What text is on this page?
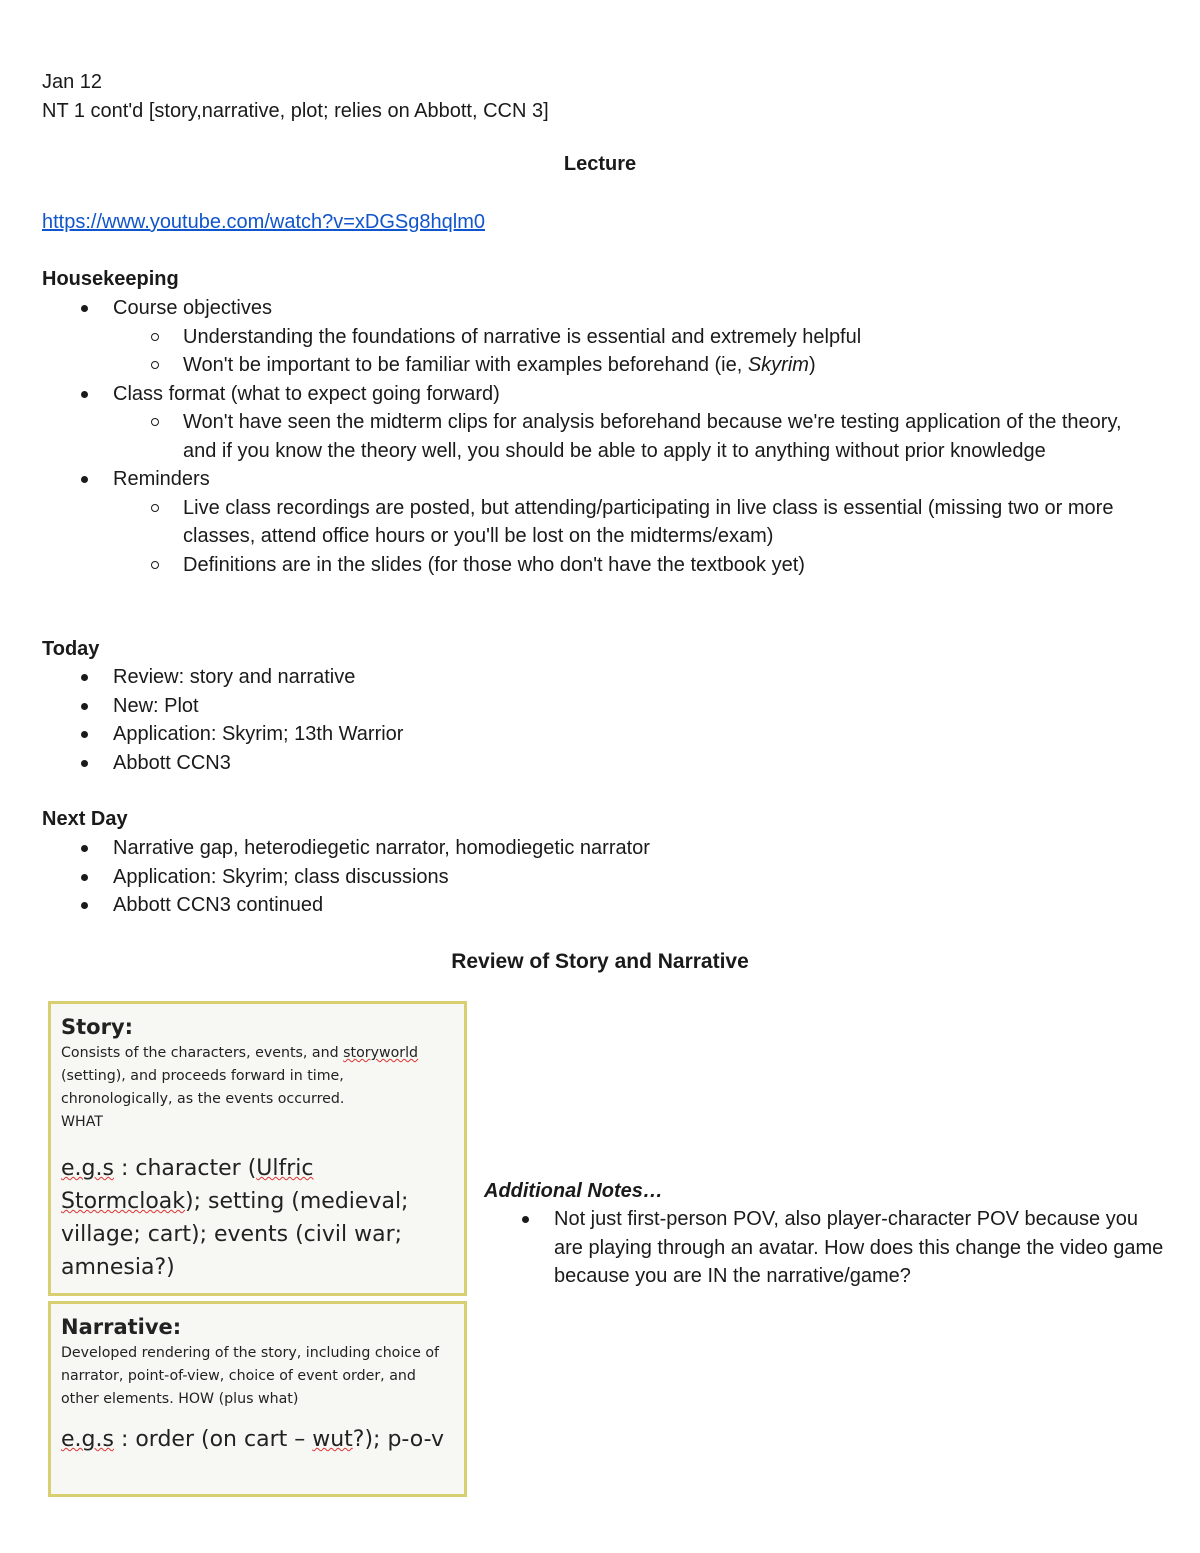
Jan 12

NT 1 cont'd [story,narrative, plot; relies on Abbott, CCN 3]

Lecture

https://www.youtube.com/watch?v=xDGSg8hqlm0

Housekeeping

Course objectives
Understanding the foundations of narrative is essential and extremely helpful
Won't be important to be familiar with examples beforehand (ie, Skyrim)
Class format (what to expect going forward)
Won't have seen the midterm clips for analysis beforehand because we're testing application of the theory, and if you know the theory well, you should be able to apply it to anything without prior knowledge
Reminders
Live class recordings are posted, but attending/participating in live class is essential (missing two or more classes, attend office hours or you'll be lost on the midterms/exam)
Definitions are in the slides (for those who don't have the textbook yet)

Today

Review: story and narrative
New: Plot
Application: Skyrim; 13th Warrior
Abbott CCN3

Next Day

Narrative gap, heterodiegetic narrator, homodiegetic narrator
Application: Skyrim; class discussions
Abbott CCN3 continued

Review of Story and Narrative

Story:
Consists of the characters, events, and storyworld (setting), and proceeds forward in time, chronologically, as the events occurred.
WHAT
e.g.s : character (Ulfric Stormcloak); setting (medieval; village; cart); events (civil war; amnesia?)
Narrative:
Developed rendering of the story, including choice of narrator, point-of-view, choice of event order, and other elements. HOW (plus what)
e.g.s : order (on cart – wut?); p-o-v

Additional Notes…

Not just first-person POV, also player-character POV because you are playing through an avatar. How does this change the video game because you are IN the narrative/game?
